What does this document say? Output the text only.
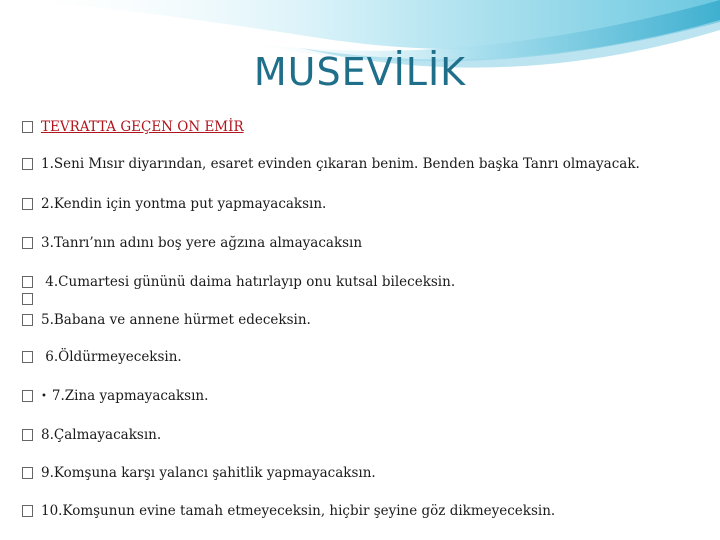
MUSEVİLİK
TEVRATTA GEÇEN ON EMİR
1.Seni Mısır diyarından, esaret evinden çıkaran benim. Benden başka Tanrı olmayacak.
2.Kendin için yontma put yapmayacaksın.
3.Tanrı’nın adını boş yere ağzına almayacaksın
4.Cumartesi gününü daima hatırlayıp onu kutsal bileceksin.
5.Babana ve annene hürmet edeceksin.
6.Öldürmeyeceksin.
• 7.Zina yapmayacaksın.
8.Çalmayacaksın.
9.Komşuna karşı yalancı şahitlik yapmayacaksın.
10.Komşunun evine tamah etmeyeceksin, hiçbir şeyine göz dikmeyeceksin.
